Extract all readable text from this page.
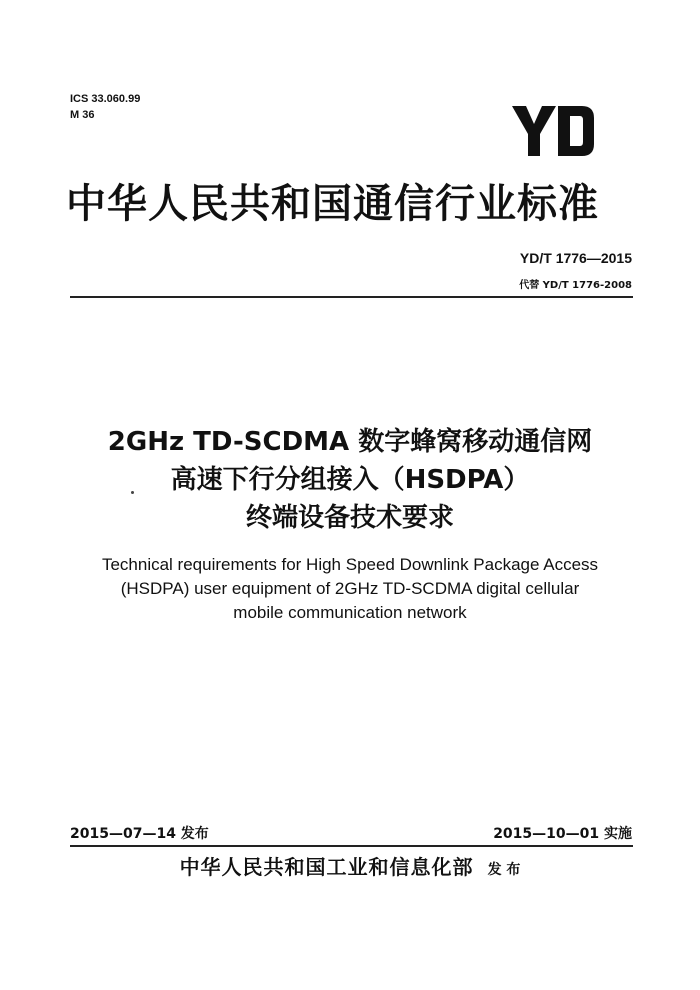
ICS 33.060.99
M 36
中华人民共和国通信行业标准
YD/T 1776—2015
代替 YD/T 1776-2008
2GHz TD-SCDMA 数字蜂窝移动通信网
高速下行分组接入（HSDPA）
终端设备技术要求
Technical requirements for High Speed Downlink Package Access
(HSDPA) user equipment of 2GHz TD-SCDMA digital cellular
mobile communication network
2015—07—14 发布	2015—10—01 实施
中华人民共和国工业和信息化部 发 布
